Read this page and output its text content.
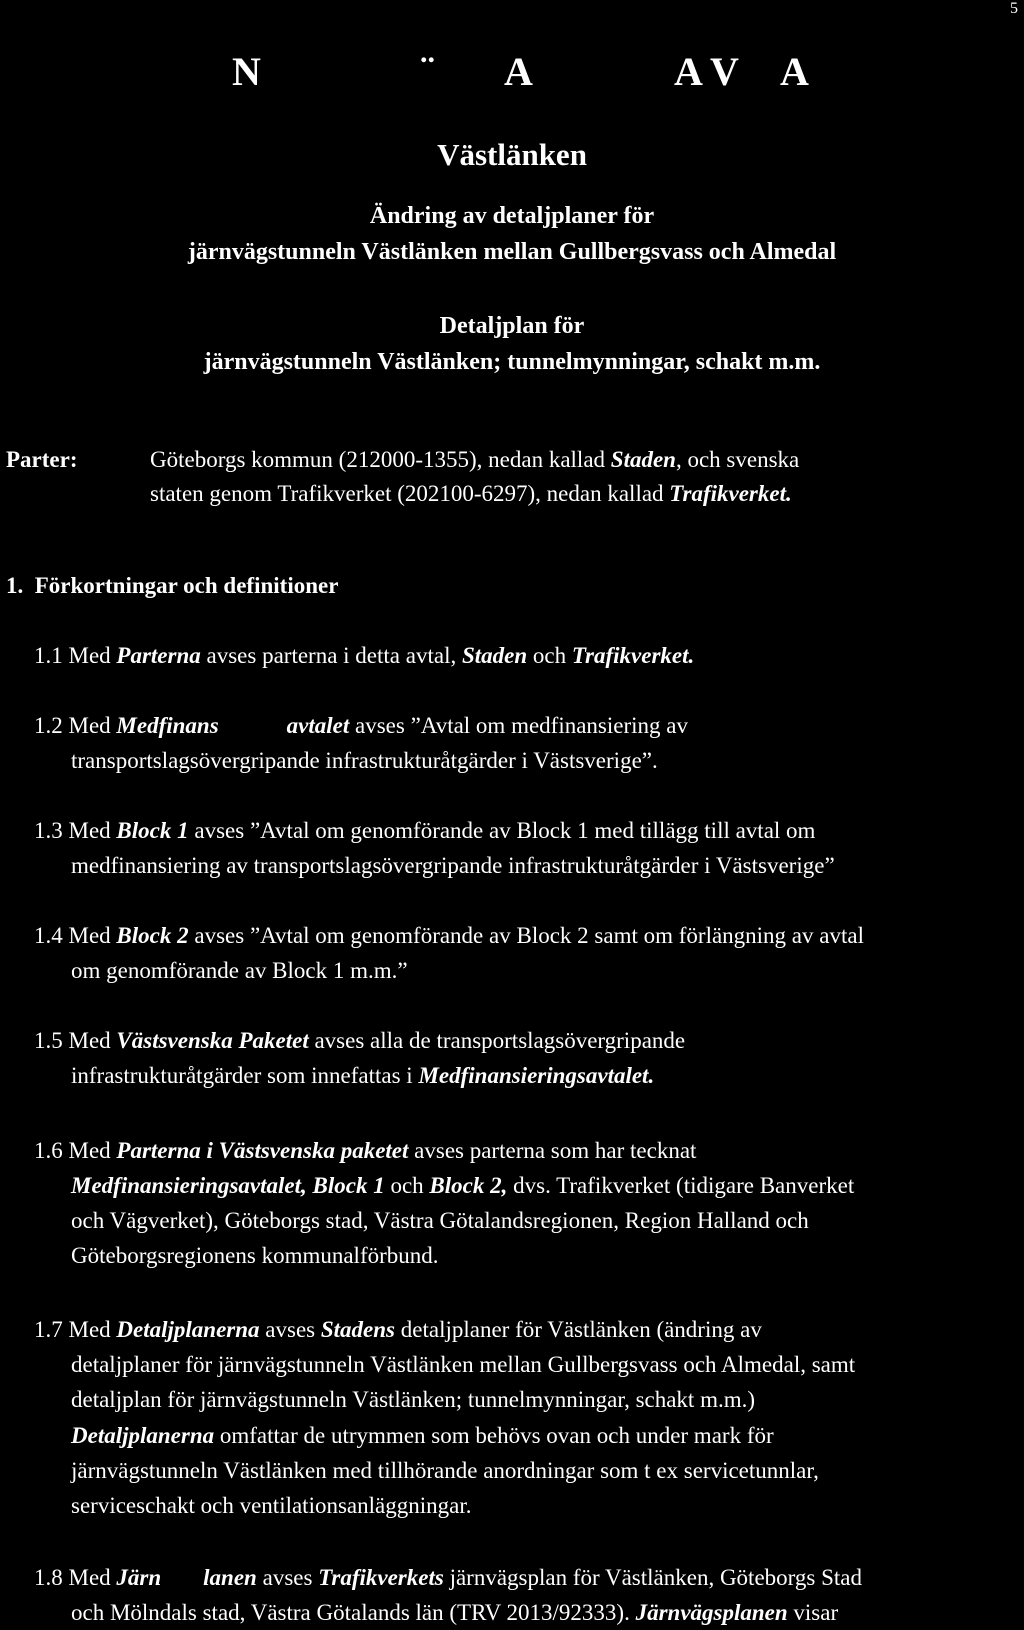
5
N	.. A	A V A
Västlänken
Ändring av detaljplaner för
järnvägstunneln Västlänken mellan Gullbergsvass och Almedal
Detaljplan för
järnvägstunneln Västlänken; tunnelmynningar, schakt m.m.
Parter:	Göteborgs kommun (212000-1355), nedan kallad Staden, och svenska
staten genom Trafikverket (202100-6297), nedan kallad Trafikverket.
1. Förkortningar och definitioner
1.1 Med Parterna avses parterna i detta avtal, Staden och Trafikverket.
1.2 Med Medfinans	avtalet avses ”Avtal om medfinansiering av
transportslagsövergripande infrastrukturåtgärder i Västsverige”.
1.3 Med Block 1 avses ”Avtal om genomförande av Block 1 med tillägg till avtal om
medfinansiering av transportslagsövergripande infrastrukturåtgärder i Västsverige”
1.4 Med Block 2 avses ”Avtal om genomförande av Block 2 samt om förlängning av avtal
om genomförande av Block 1 m.m.”
1.5 Med Västsvenska Paketet avses alla de transportslagsövergripande
infrastrukturåtgärder som innefattas i Medfinansieringsavtalet.
1.6 Med Parterna i Västsvenska paketet avses parterna som har tecknat
Medfinansieringsavtalet, Block 1 och Block 2, dvs. Trafikverket (tidigare Banverket
och Vägverket), Göteborgs stad, Västra Götalandsregionen, Region Halland och
Göteborgsregionens kommunalförbund.
1.7 Med Detaljplanerna avses Stadens detaljplaner för Västlänken (ändring av
detaljplaner för järnvägstunneln Västlänken mellan Gullbergsvass och Almedal, samt
detaljplan för järnvägstunneln Västlänken; tunnelmynningar, schakt m.m.)
Detaljplanerna omfattar de utrymmen som behövs ovan och under mark för
järnvägstunneln Västlänken med tillhörande anordningar som t ex servicetunnlar,
serviceschakt och ventilationsanläggningar.
1.8 Med Järn lanen avses Trafikverkets järnvägsplan för Västlänken, Göteborgs Stad
och Mölndals stad, Västra Götalands län (TRV 2013/92333). Järnvägsplanen visar
